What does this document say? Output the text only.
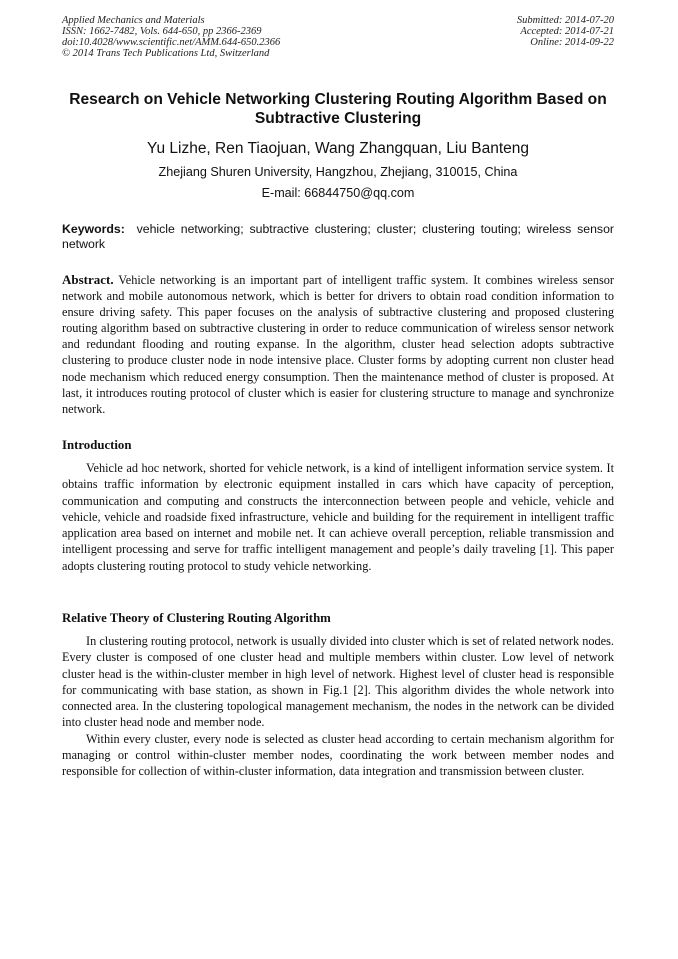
Applied Mechanics and Materials
ISSN: 1662-7482, Vols. 644-650, pp 2366-2369
doi:10.4028/www.scientific.net/AMM.644-650.2366
© 2014 Trans Tech Publications Ltd, Switzerland
Submitted: 2014-07-20
Accepted: 2014-07-21
Online: 2014-09-22
Research on Vehicle Networking Clustering Routing Algorithm Based on Subtractive Clustering
Yu Lizhe, Ren Tiaojuan, Wang Zhangquan, Liu Banteng
Zhejiang Shuren University, Hangzhou, Zhejiang, 310015, China
E-mail: 66844750@qq.com
Keywords: vehicle networking; subtractive clustering; cluster; clustering touting; wireless sensor network
Abstract. Vehicle networking is an important part of intelligent traffic system. It combines wireless sensor network and mobile autonomous network, which is better for drivers to obtain road condition information to ensure driving safety. This paper focuses on the analysis of subtractive clustering and proposed clustering routing algorithm based on subtractive clustering in order to reduce communication of wireless sensor network and redundant flooding and routing expanse. In the algorithm, cluster head selection adopts subtractive clustering to produce cluster node in node intensive place. Cluster forms by adopting current non cluster head node mechanism which reduced energy consumption. Then the maintenance method of cluster is proposed. At last, it introduces routing protocol of cluster which is easier for clustering structure to manage and synchronize network.
Introduction

Vehicle ad hoc network, shorted for vehicle network, is a kind of intelligent information service system. It obtains traffic information by electronic equipment installed in cars which have capacity of perception, communication and computing and constructs the interconnection between people and vehicle, vehicle and vehicle, vehicle and roadside fixed infrastructure, vehicle and building for the requirement in intelligent traffic application area based on internet and mobile net. It can achieve overall perception, reliable transmission and intelligent processing and serve for traffic intelligent management and people’s daily traveling [1]. This paper adopts clustering routing protocol to study vehicle networking.

Relative Theory of Clustering Routing Algorithm

In clustering routing protocol, network is usually divided into cluster which is set of related network nodes. Every cluster is composed of one cluster head and multiple members within cluster. Low level of network cluster head is the within-cluster member in high level of network. Highest level of cluster head is responsible for communicating with base station, as shown in Fig.1 [2]. This algorithm divides the whole network into connected area. In the clustering topological management mechanism, the nodes in the network can be divided into cluster head node and member node.

Within every cluster, every node is selected as cluster head according to certain mechanism algorithm for managing or control within-cluster member nodes, coordinating the work between member nodes and responsible for collection of within-cluster information, data integration and transmission between cluster.
